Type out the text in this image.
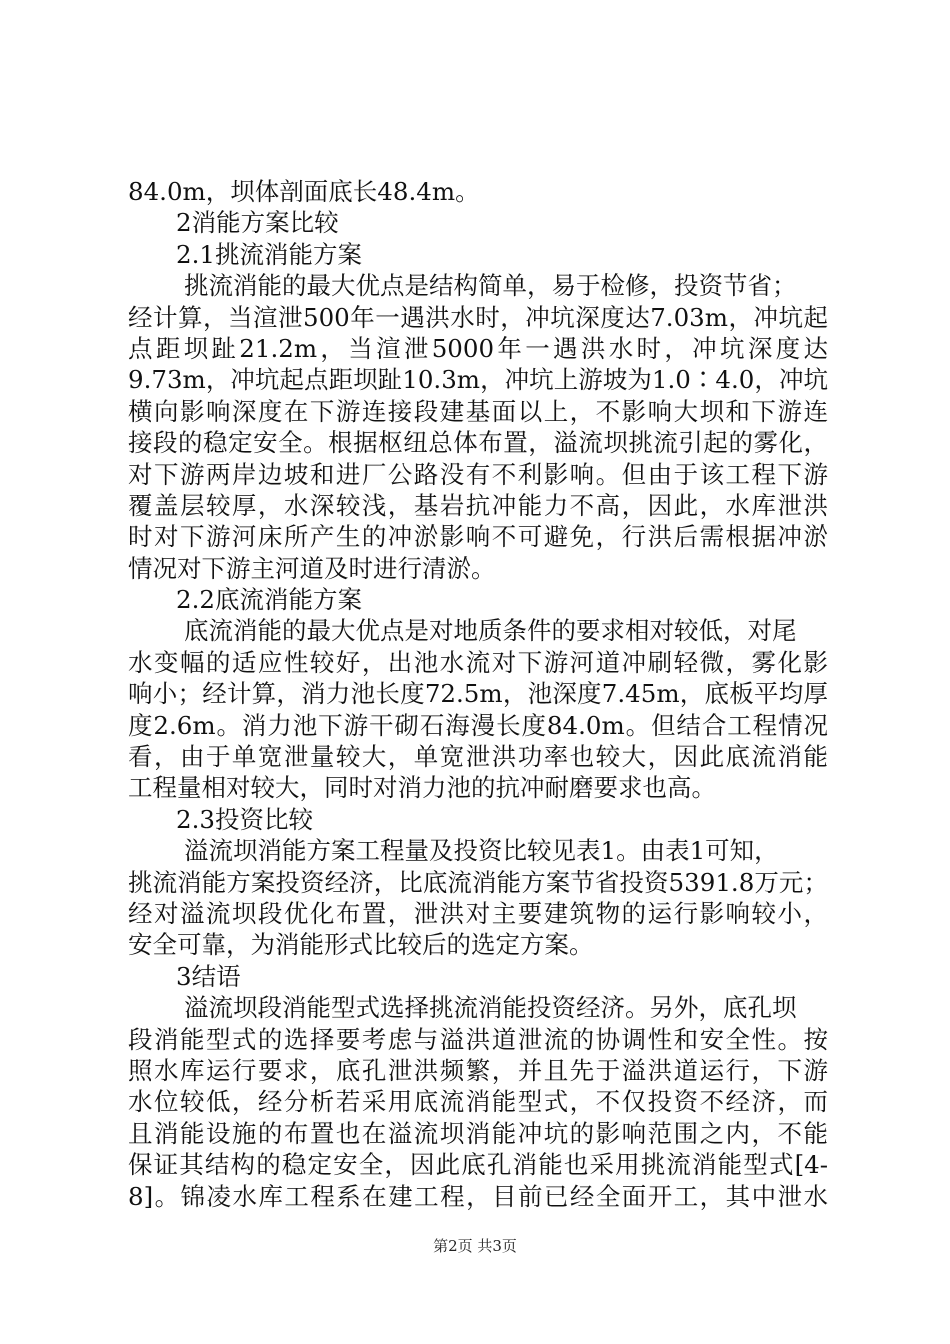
84.0m，坝体剖面底长48.4m。
2消能方案比较
2.1挑流消能方案
挑流消能的最大优点是结构简单，易于检修，投资节省；
经计算，当渲泄500年一遇洪水时，冲坑深度达7.03m，冲坑起
点距坝趾21.2m，当渲泄5000年一遇洪水时，冲坑深度达
9.73m，冲坑起点距坝趾10.3m，冲坑上游坡为1.0∶4.0，冲坑
横向影响深度在下游连接段建基面以上，不影响大坝和下游连
接段的稳定安全。根据枢纽总体布置，溢流坝挑流引起的雾化，
对下游两岸边坡和进厂公路没有不利影响。但由于该工程下游
覆盖层较厚，水深较浅，基岩抗冲能力不高，因此，水库泄洪
时对下游河床所产生的冲淤影响不可避免，行洪后需根据冲淤
情况对下游主河道及时进行清淤。
2.2底流消能方案
底流消能的最大优点是对地质条件的要求相对较低，对尾
水变幅的适应性较好，出池水流对下游河道冲刷轻微，雾化影
响小；经计算，消力池长度72.5m，池深度7.45m，底板平均厚
度2.6m。消力池下游干砌石海漫长度84.0m。但结合工程情况
看，由于单宽泄量较大，单宽泄洪功率也较大，因此底流消能
工程量相对较大，同时对消力池的抗冲耐磨要求也高。
2.3投资比较
溢流坝消能方案工程量及投资比较见表1。由表1可知，
挑流消能方案投资经济，比底流消能方案节省投资5391.8万元；
经对溢流坝段优化布置，泄洪对主要建筑物的运行影响较小，
安全可靠，为消能形式比较后的选定方案。
3结语
溢流坝段消能型式选择挑流消能投资经济。另外，底孔坝
段消能型式的选择要考虑与溢洪道泄流的协调性和安全性。按
照水库运行要求，底孔泄洪频繁，并且先于溢洪道运行，下游
水位较低，经分析若采用底流消能型式，不仅投资不经济，而
且消能设施的布置也在溢流坝消能冲坑的影响范围之内，不能
保证其结构的稳定安全，因此底孔消能也采用挑流消能型式[4-
8]。锦凌水库工程系在建工程，目前已经全面开工，其中泄水
第2页 共3页
